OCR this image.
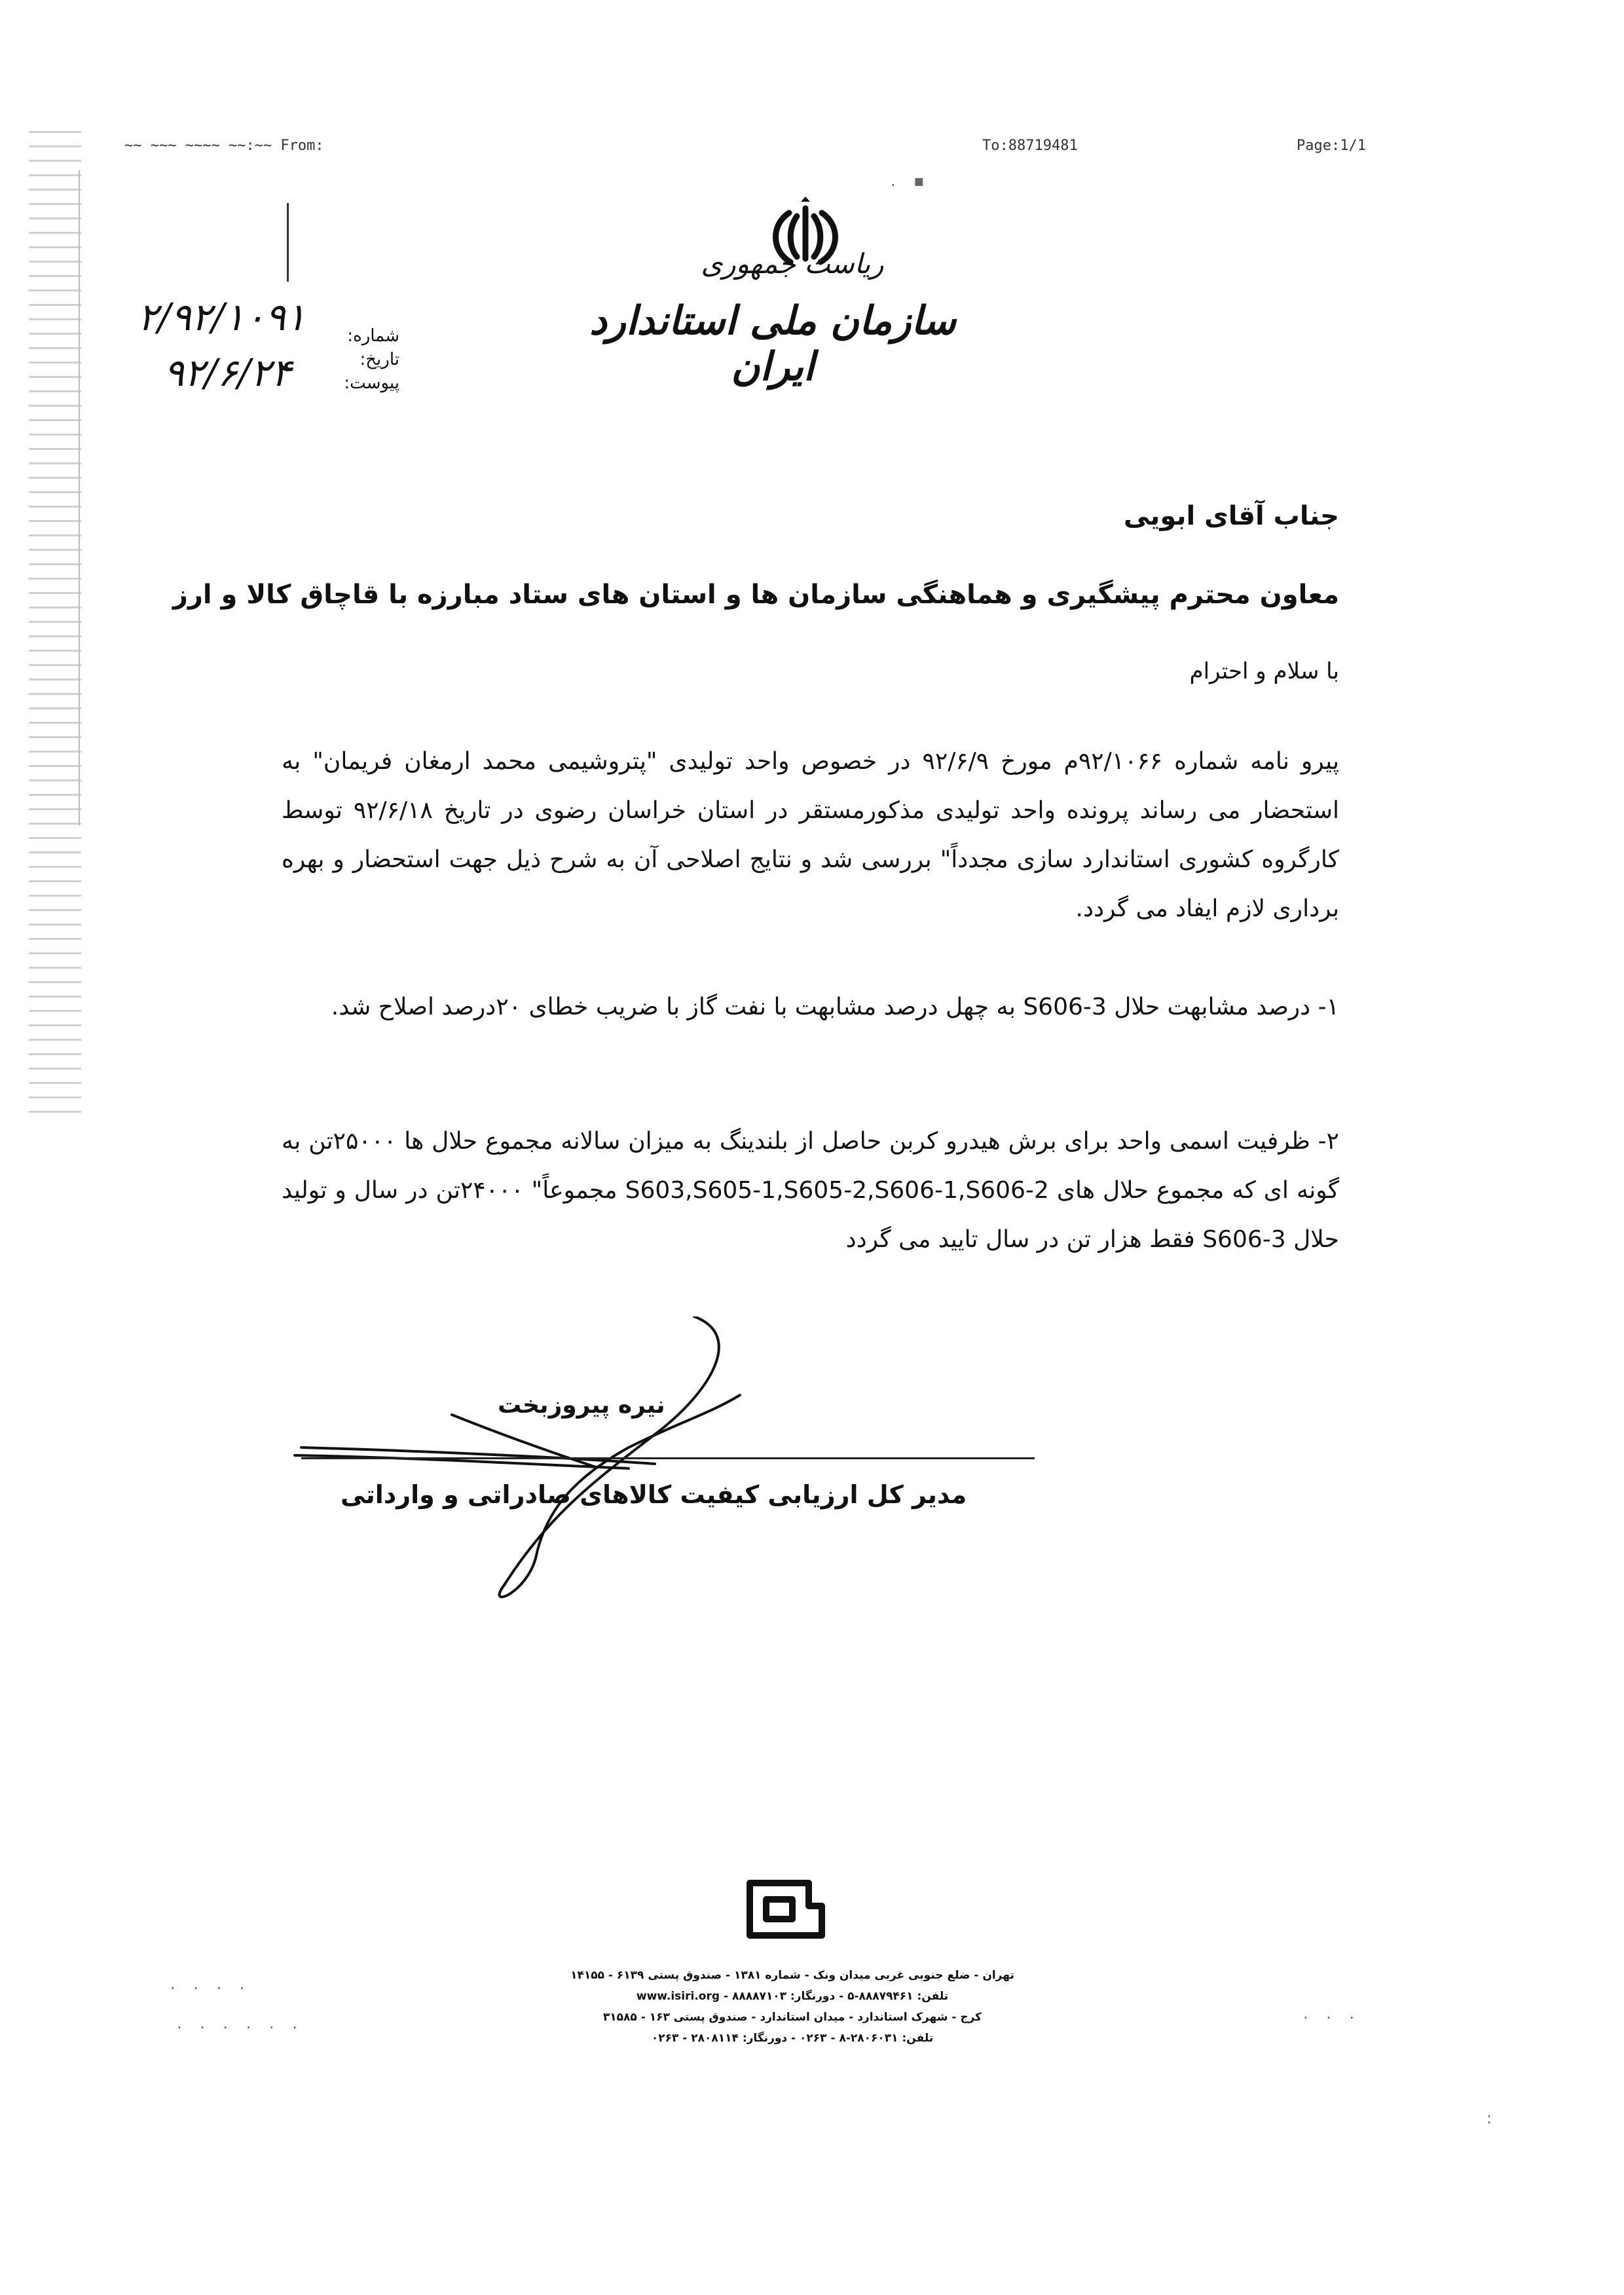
~~ ~~~ ~~~~ ~~:~~ From:	To:88719481	Page:1/1
▪ .
ریاست جمهوری
سازمان ملی استاندارد ایران
۲/۹۲/۱۰۹۱
۹۲/۶/۲۴
شماره:
تاریخ:
پیوست:
جناب آقای ابویی
معاون محترم پیشگیری و هماهنگی سازمان ها و استان های ستاد مبارزه با قاچاق کالا و ارز
با سلام و احترام
پیرو نامه شماره ۹۲/۱۰۶۶م مورخ ۹۲/۶/۹ در خصوص واحد تولیدی "پتروشیمی محمد ارمغان فریمان" به استحضار می رساند پرونده واحد تولیدی مذکورمستقر در استان خراسان رضوی در تاریخ ۹۲/۶/۱۸ توسط کارگروه کشوری استاندارد سازی مجدداً" بررسی شد و نتایج اصلاحی آن به شرح ذیل جهت استحضار و بهره برداری لازم ایفاد می گردد.
۱- درصد مشابهت حلال S606-3 به چهل درصد مشابهت با نفت گاز با ضریب خطای ۲۰درصد اصلاح شد.
۲- ظرفیت اسمی واحد برای برش هیدرو کربن حاصل از بلندینگ به میزان سالانه مجموع حلال ها ۲۵۰۰۰تن به گونه ای که مجموع حلال های S603,S605-1,S605-2,S606-1,S606-2 مجموعاً" ۲۴۰۰۰تن در سال و تولید حلال S606-3 فقط هزار تن در سال تایید می گردد
نیره پیروزبخت
مدیر کل ارزیابی کیفیت کالاهای صادراتی و وارداتی
تهران - ضلع جنوبی غربی میدان ونک - شماره ۱۳۸۱ - صندوق پستی ۶۱۳۹ - ۱۴۱۵۵
تلفن: ۸۸۸۷۹۴۶۱-۵ - دورنگار: ۸۸۸۸۷۱۰۳ - www.isiri.org
کرج - شهرک استاندارد - میدان استاندارد - صندوق پستی ۱۶۳ - ۳۱۵۸۵
تلفن: ۲۸۰۶۰۳۱-۸ - ۰۲۶۳ - دورنگار: ۲۸۰۸۱۱۴ - ۰۲۶۳
. . . .
. . . . . .
. . .
:
